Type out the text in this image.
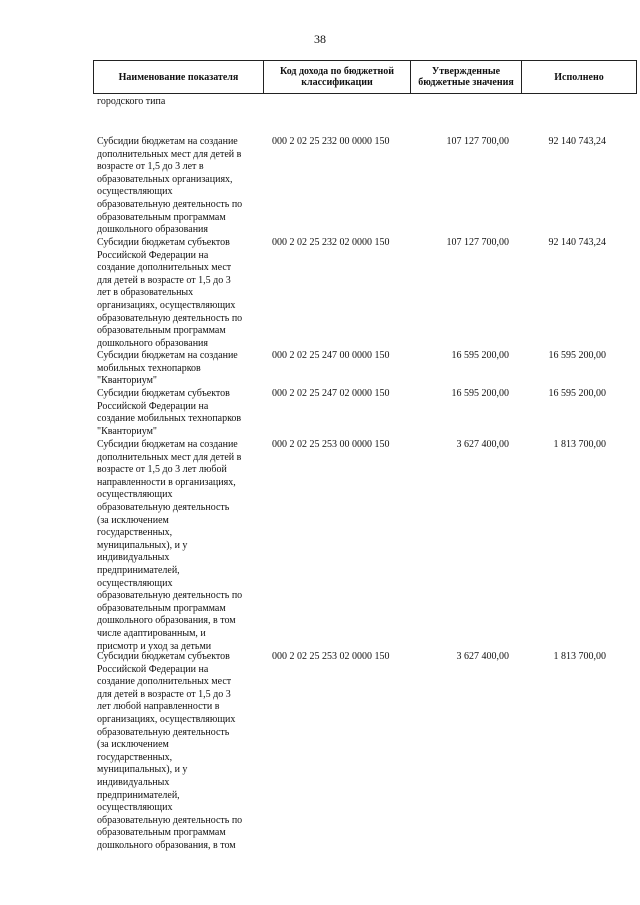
38
Наименование показателя	Код дохода по бюджетной классификации	Утвержденные бюджетные значения	Исполнено
городского типа
Субсидии бюджетам на создание
дополнительных мест для детей в
возрасте от 1,5 до 3 лет в
образовательных организациях,
осуществляющих
образовательную деятельность по
образовательным программам
дошкольного образования
000 2 02 25 232 00 0000 150	107 127 700,00	92 140 743,24
Субсидии бюджетам субъектов
Российской Федерации на
создание дополнительных мест
для детей в возрасте от 1,5 до 3
лет в образовательных
организациях, осуществляющих
образовательную деятельность по
образовательным программам
дошкольного образования
000 2 02 25 232 02 0000 150	107 127 700,00	92 140 743,24
Субсидии бюджетам на создание
мобильных технопарков
"Кванториум"
000 2 02 25 247 00 0000 150	16 595 200,00	16 595 200,00
Субсидии бюджетам субъектов
Российской Федерации на
создание мобильных технопарков
"Кванториум"
000 2 02 25 247 02 0000 150	16 595 200,00	16 595 200,00
Субсидии бюджетам на создание
дополнительных мест для детей в
возрасте от 1,5 до 3 лет любой
направленности в организациях,
осуществляющих
образовательную деятельность
(за исключением
государственных,
муниципальных), и у
индивидуальных
предпринимателей,
осуществляющих
образовательную деятельность по
образовательным программам
дошкольного образования, в том
числе адаптированным, и
присмотр и уход за детьми
000 2 02 25 253 00 0000 150	3 627 400,00	1 813 700,00
Субсидии бюджетам субъектов
Российской Федерации на
создание дополнительных мест
для детей в возрасте от 1,5 до 3
лет любой направленности в
организациях, осуществляющих
образовательную деятельность
(за исключением
государственных,
муниципальных), и у
индивидуальных
предпринимателей,
осуществляющих
образовательную деятельность по
образовательным программам
дошкольного образования, в том
000 2 02 25 253 02 0000 150	3 627 400,00	1 813 700,00
